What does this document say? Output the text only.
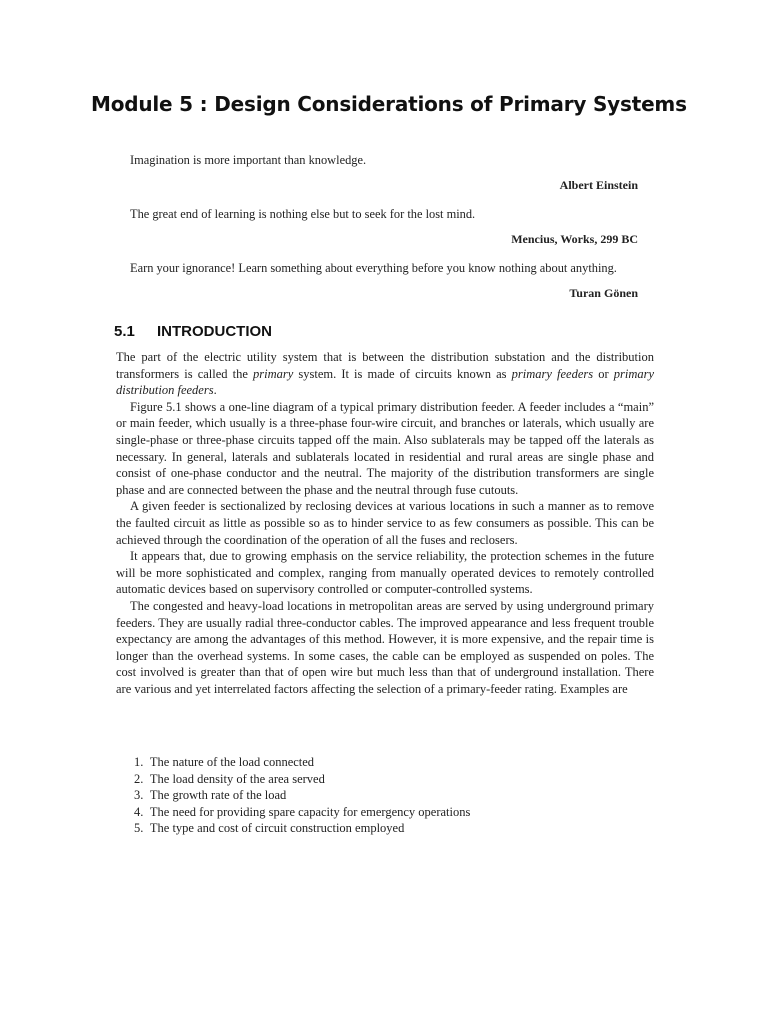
Module 5 : Design Considerations of Primary Systems

Imagination is more important than knowledge.

Albert Einstein

The great end of learning is nothing else but to seek for the lost mind.

Mencius, Works, 299 BC

Earn your ignorance! Learn something about everything before you know nothing about anything.

Turan Gönen

5.1 INTRODUCTION

The part of the electric utility system that is between the distribution substation and the distribution transformers is called the primary system. It is made of circuits known as primary feeders or primary distribution feeders.

Figure 5.1 shows a one-line diagram of a typical primary distribution feeder. A feeder includes a “main” or main feeder, which usually is a three-phase four-wire circuit, and branches or laterals, which usually are single-phase or three-phase circuits tapped off the main. Also sublaterals may be tapped off the laterals as necessary. In general, laterals and sublaterals located in residential and rural areas are single phase and consist of one-phase conductor and the neutral. The majority of the distribution transformers are single phase and are connected between the phase and the neutral through fuse cutouts.

A given feeder is sectionalized by reclosing devices at various locations in such a manner as to remove the faulted circuit as little as possible so as to hinder service to as few consumers as possible. This can be achieved through the coordination of the operation of all the fuses and reclosers.

It appears that, due to growing emphasis on the service reliability, the protection schemes in the future will be more sophisticated and complex, ranging from manually operated devices to remotely controlled automatic devices based on supervisory controlled or computer-controlled systems.

The congested and heavy-load locations in metropolitan areas are served by using underground primary feeders. They are usually radial three-conductor cables. The improved appearance and less frequent trouble expectancy are among the advantages of this method. However, it is more expensive, and the repair time is longer than the overhead systems. In some cases, the cable can be employed as suspended on poles. The cost involved is greater than that of open wire but much less than that of underground installation. There are various and yet interrelated factors affecting the selection of a primary-feeder rating. Examples are

1. The nature of the load connected
2. The load density of the area served
3. The growth rate of the load
4. The need for providing spare capacity for emergency operations
5. The type and cost of circuit construction employed
